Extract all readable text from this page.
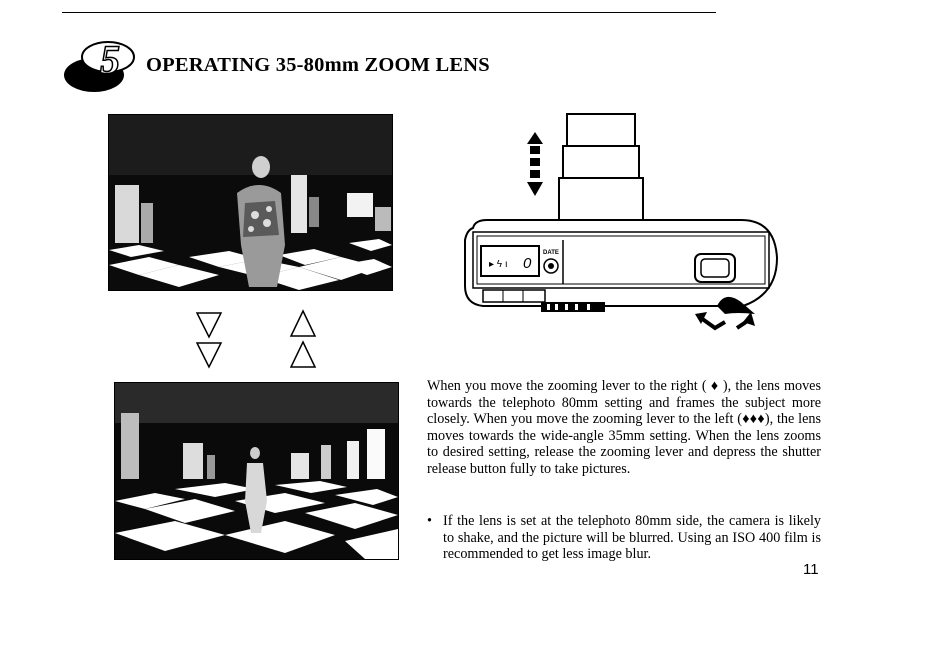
5 OPERATING 35-80mm ZOOM LENS
▸ ϟ ı 0
DATE

When you move the zooming lever to the right ( ♦ ), the lens moves towards the telephoto 80mm setting and frames the subject more closely. When you move the zooming lever to the left (♦♦♦), the lens moves towards the wide-angle 35mm setting. When the lens zooms to desired setting, release the zooming lever and depress the shutter release button fully to take pictures.

• If the lens is set at the telephoto 80mm side, the camera is likely to shake, and the picture will be blurred. Using an ISO 400 film is recommended to get less image blur.
11
